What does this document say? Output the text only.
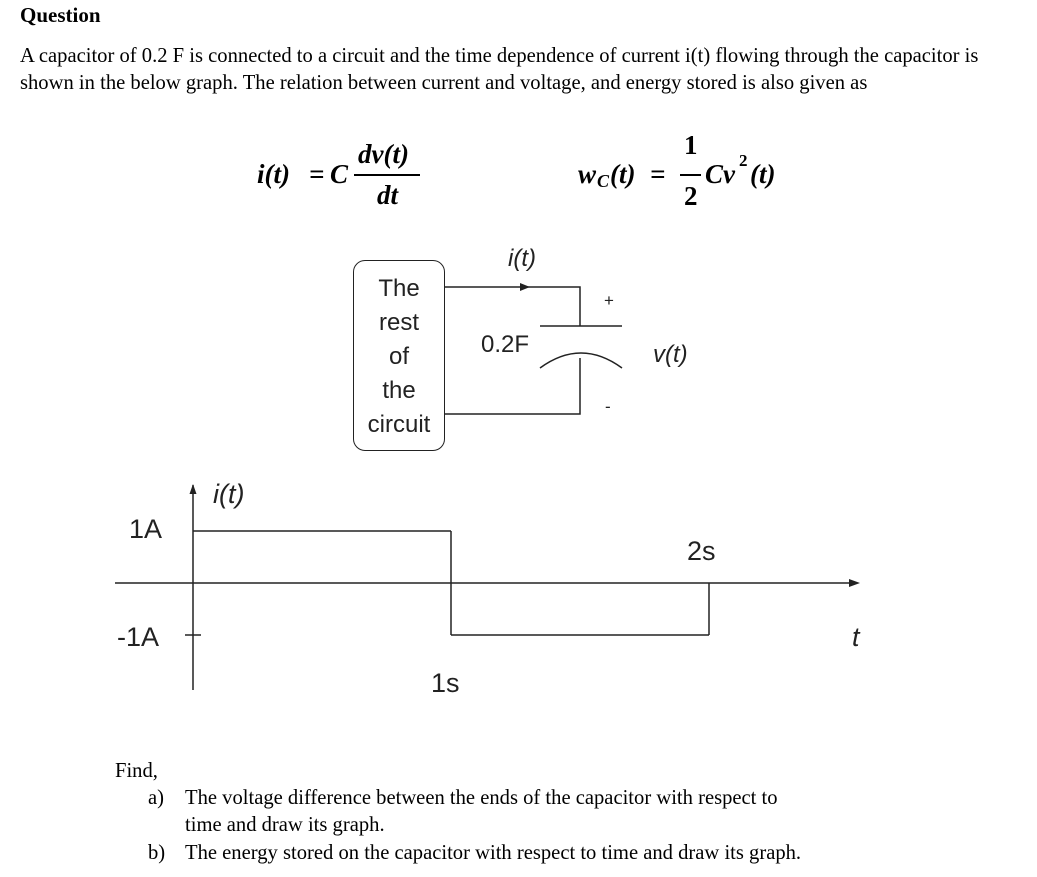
Question
A capacitor of 0.2 F is connected to a circuit and the time dependence of current i(t) flowing through the capacitor is shown in the below graph. The relation between current and voltage, and energy stored is also given as
i(t) = C
dv(t)
dt
w C (t) =
1
2
Cv 2 (t)
The
rest
of
the
circuit
i(t)
0.2F
+
-
v(t)
i(t)
t
1A
-1A
1s
2s
Find,
a) The voltage difference between the ends of the capacitor with respect to
time and draw its graph.
b) The energy stored on the capacitor with respect to time and draw its graph.
